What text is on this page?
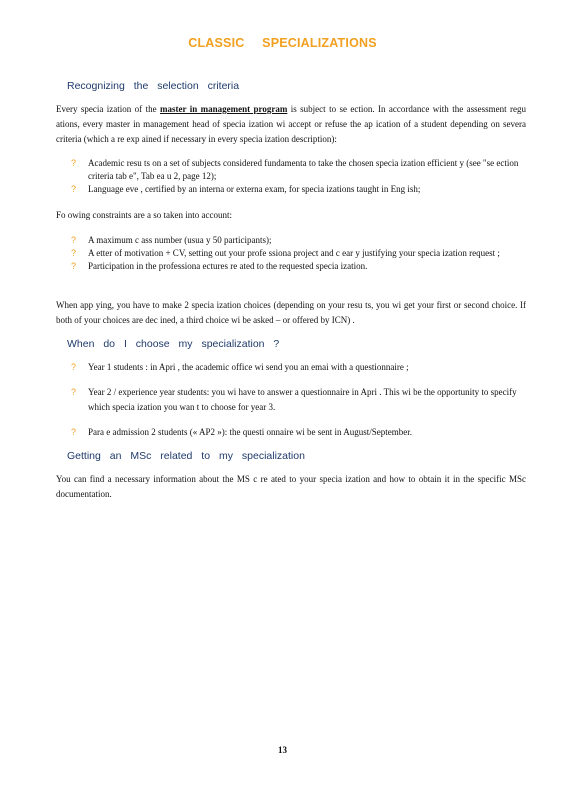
CLASSIC SPECIALIZATIONS
Recognizing the selection criteria

Every specia ization of the master in management program is subject to se ection. In accordance with the assessment regu ations, every master in management head of specia ization wi accept or refuse the ap ication of a student depending on severa criteria (which a re exp ained if necessary in every specia ization description):

? Academic resu ts on a set of subjects considered fundamenta to take the chosen specia ization efficient y (see "se ection criteria tab e", Tab ea u 2, page 12);
? Language eve , certified by an interna or externa exam, for specia izations taught in Eng ish;

Fo owing constraints are a so taken into account:

? A maximum c ass number (usua y 50 participants);
? A etter of motivation + CV, setting out your profe ssiona project and c ear y justifying your specia ization request ;
? Participation in the professiona ectures re ated to the requested specia ization.

When app ying, you have to make 2 specia ization choices (depending on your resu ts, you wi get your first or second choice. If both of your choices are dec ined, a third choice wi be asked – or offered by ICN) .

When do I choose my specialization ?
? Year 1 students : in Apri , the academic office wi send you an emai with a questionnaire ;
? Year 2 / experience year students: you wi have to answer a questionnaire in Apri . This wi be the opportunity to specify which specia ization you wan t to choose for year 3.
? Para e admission 2 students (« AP2 »): the questi onnaire wi be sent in August/September.
Getting an MSc related to my specialization

You can find a necessary information about the MS c re ated to your specia ization and how to obtain it in the specific MSc documentation.

13
